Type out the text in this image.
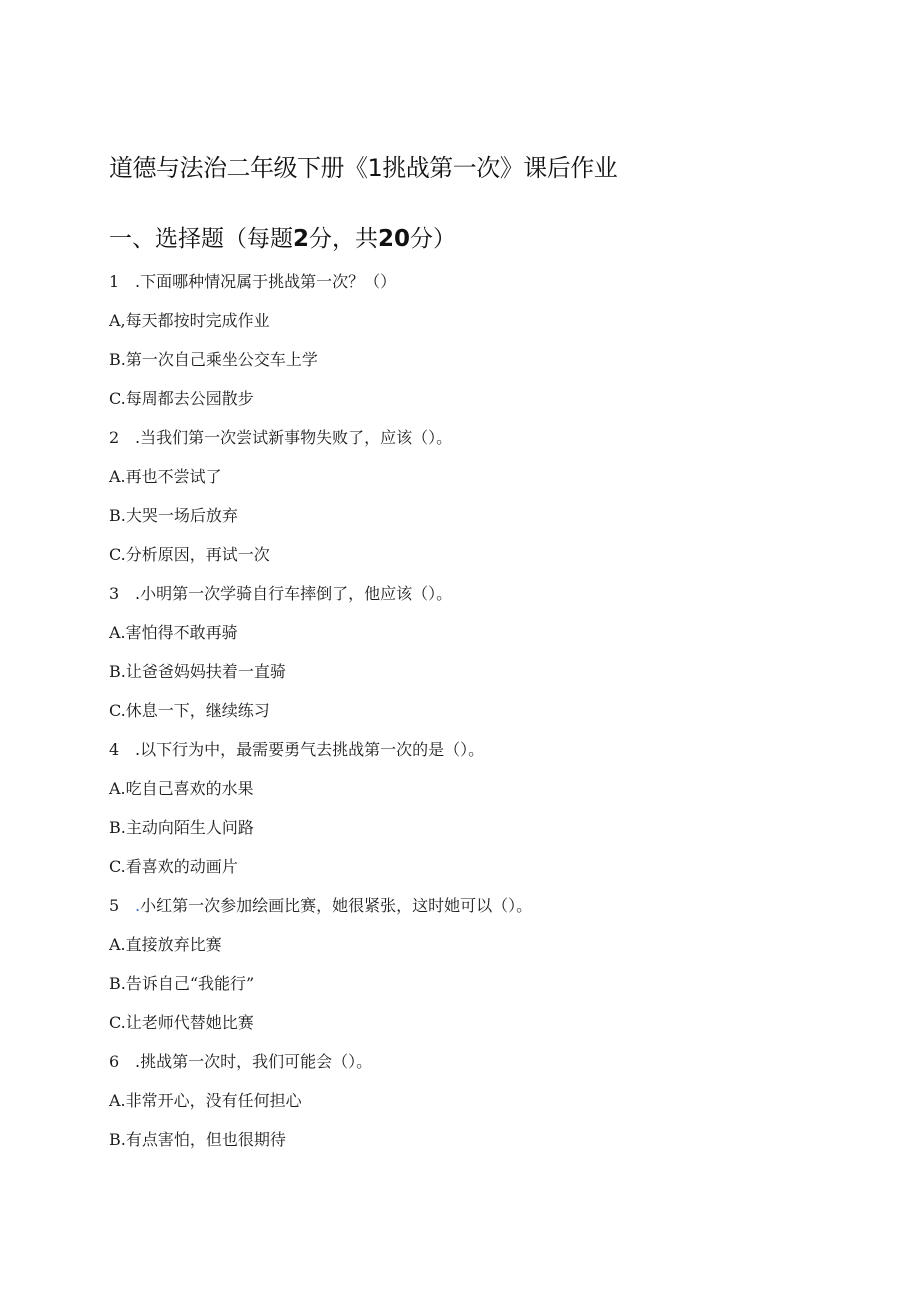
道德与法治二年级下册《1挑战第一次》课后作业
一、选择题（每题2分，共20分）
1 .下面哪种情况属于挑战第一次？（）
A,每天都按时完成作业
B.第一次自己乘坐公交车上学
C.每周都去公园散步
2 .当我们第一次尝试新事物失败了，应该（）。
A.再也不尝试了
B.大哭一场后放弃
C.分析原因，再试一次
3 .小明第一次学骑自行车摔倒了，他应该（）。
A.害怕得不敢再骑
B.让爸爸妈妈扶着一直骑
C.休息一下，继续练习
4 .以下行为中，最需要勇气去挑战第一次的是（）。
A.吃自己喜欢的水果
B.主动向陌生人问路
C.看喜欢的动画片
5 .小红第一次参加绘画比赛，她很紧张，这时她可以（）。
A.直接放弃比赛
B.告诉自己“我能行”
C.让老师代替她比赛
6 .挑战第一次时，我们可能会（）。
A.非常开心，没有任何担心
B.有点害怕，但也很期待
